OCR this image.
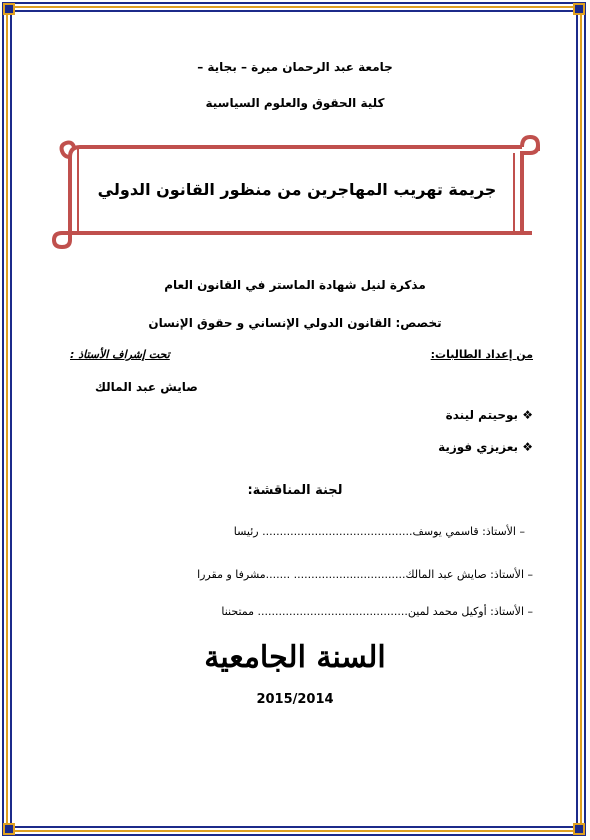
جامعة عبد الرحمان ميرة – بجاية –
كلية الحقوق والعلوم السياسية
جريمة تهريب المهاجرين من منظور القانون الدولي
مذكرة لنيل شهادة الماستر في القانون العام
تخصص: القانون الدولي الإنساني و حقوق الإنسان
من إعداد الطالبات:
تحت إشراف الأستاذ :
صايش عبد المالك
❖ بوحيتم ليندة
❖ بعزيزي فوزية
لجنة المناقشة:
– الأستاذ: قاسمي يوسف........................................... رئيسا
– الأستاذ: صايش عبد المالك................................ .......مشرفا و مقررا
– الأستاذ: أوكيل محمد لمين........................................... ممتحننا
السنة الجامعية
2015/2014
